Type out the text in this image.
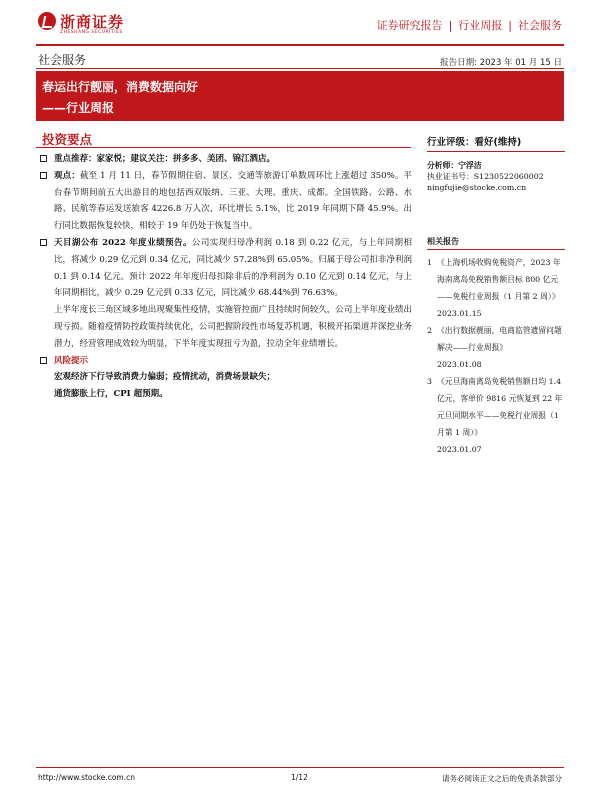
浙商证券
ZHESHANG SECURITIES
证券研究报告 | 行业周报 | 社会服务
社会服务	报告日期: 2023 年 01 月 15 日
春运出行靓丽，消费数据向好
——行业周报
投资要点
重点推荐：家家悦；建议关注：拼多多、美团、锦江酒店。
观点：截至 1 月 11 日，春节假期住宿、景区、交通等旅游订单数周环比上涨超过 350%。平台春节期间前五大出游目的地包括西双版纳、三亚、大理、重庆、成都。全国铁路、公路、水路、民航等春运发送旅客 4226.8 万人次，环比增长 5.1%，比 2019 年同期下降 45.9%。出行同比数据恢复较快，相较于 19 年仍处于恢复当中。
天目湖公布 2022 年度业绩预告。公司实现归母净利润 0.18 到 0.22 亿元，与上年同期相比，将减少 0.29 亿元到 0.34 亿元，同比减少 57.28%到 65.05%。归属于母公司扣非净利润 0.1 到 0.14 亿元。预计 2022 年年度归母扣除非后的净利润为 0.10 亿元到 0.14 亿元，与上年同期相比，减少 0.29 亿元到 0.33 亿元，同比减少 68.44%到 76.63%。
上半年度长三角区域多地出现聚集性疫情，实施管控面广且持续时间较久，公司上半年度业绩出现亏损。随着疫情防控政策持续优化，公司把握阶段性市场复苏机遇，积极开拓渠道并深挖业务潜力，经营管理成效较为明显，下半年度实现扭亏为盈，拉动全年业绩增长。
风险提示
宏观经济下行导致消费力偏弱；疫情扰动，消费场景缺失；
通货膨胀上行，CPI 超预期。
行业评级：看好(维持)
分析师：宁浮洁
执业证书号：S1230522060002
ningfujie@stocke.com.cn
相关报告
1 《上海机场收购免税资产，2023 年海南离岛免税销售额目标 800 亿元——免税行业周报（1 月第 2 周）》
2023.01.15
2 《出行数据靓丽，电商监管遗留问题解决——行业周报》
2023.01.08
3 《元旦海南离岛免税销售额日均 1.4 亿元，客单价 9816 元恢复到 22 年元旦同期水平——免税行业周报（1 月第 1 周）》
2023.01.07
http://www.stocke.com.cn	1/12	请务必阅读正文之后的免责条款部分
